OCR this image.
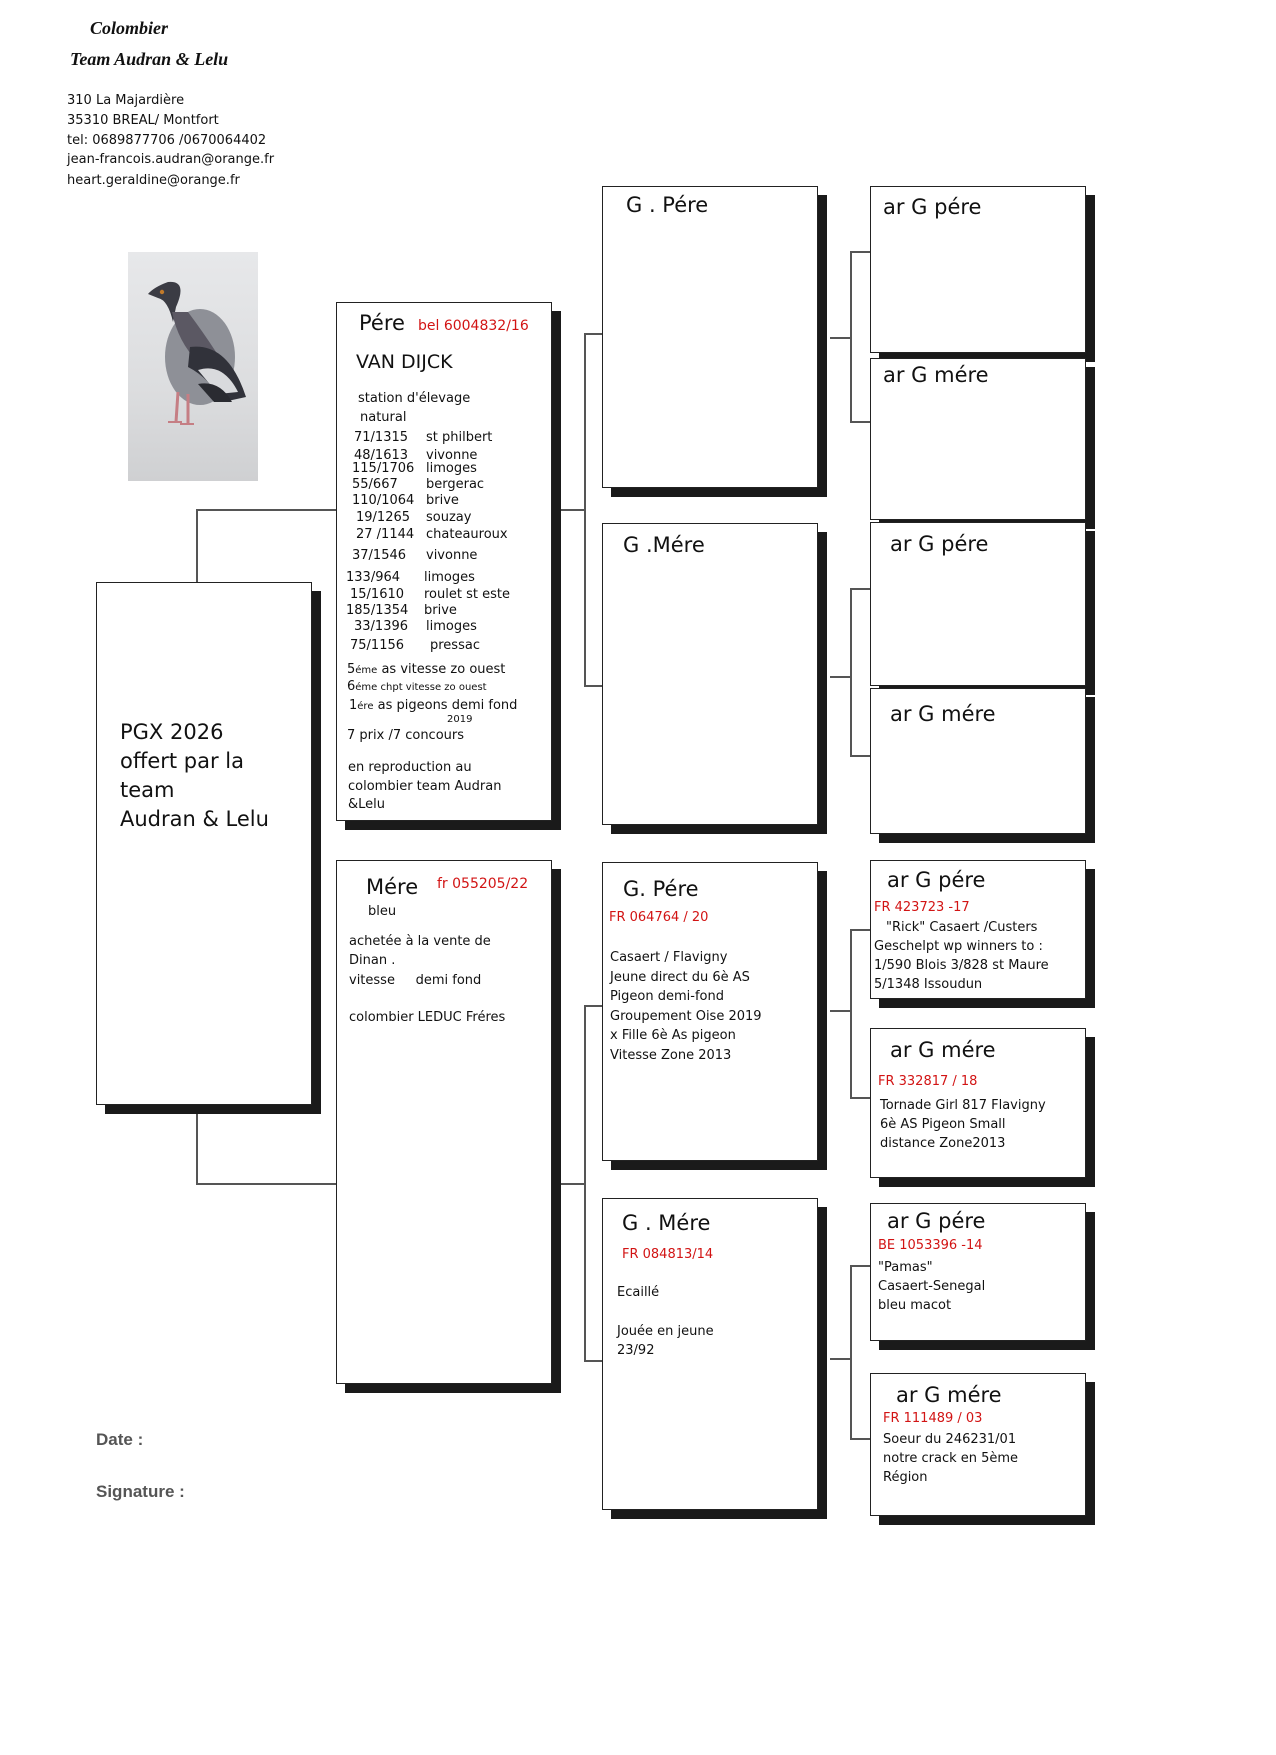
Colombier
Team Audran & Lelu
310 La Majardière
35310 BREAL/ Montfort
tel: 0689877706 /0670064402
jean-francois.audran@orange.fr
heart.geraldine@orange.fr
PGX 2026
offert par la
team
Audran & Lelu
Pére bel 6004832/16
VAN DIJCK
station d'élevage
natural
71/1315 st philbert
48/1613 vivonne
115/1706 limoges
55/667 bergerac
110/1064 brive
19/1265 souzay
27 /1144 chateauroux
37/1546 vivonne
133/964 limoges
15/1610 roulet st este
185/1354 brive
33/1396 limoges
75/1156 pressac
5éme as vitesse zo ouest
6éme chpt vitesse zo ouest
1ére as pigeons demi fond
2019
7 prix /7 concours
en reproduction au
colombier team Audran
&Lelu
Mére fr 055205/22
bleu
achetée à la vente de
Dinan .
vitesse     demi fond
colombier LEDUC Fréres
G . Pére
G .Mére
G. Pére
FR 064764 / 20
Casaert / Flavigny
Jeune direct du 6è AS
Pigeon demi-fond
Groupement Oise 2019
x Fille 6è As pigeon
Vitesse Zone 2013
G . Mére
FR 084813/14
Ecaillé
Jouée en jeune
23/92
ar G pére
ar G mére
ar G pére
ar G mére
ar G pére
FR 423723 -17
"Rick" Casaert /Custers
Geschelpt wp winners to :
1/590 Blois 3/828 st Maure
5/1348 Issoudun
ar G mére
FR 332817 / 18
Tornade Girl 817 Flavigny
6è AS Pigeon Small
distance Zone2013
ar G pére
BE 1053396 -14
"Pamas"
Casaert-Senegal
bleu macot
ar G mére
FR 111489 / 03
Soeur du 246231/01
notre crack en 5ème
Région
Date :
Signature :
